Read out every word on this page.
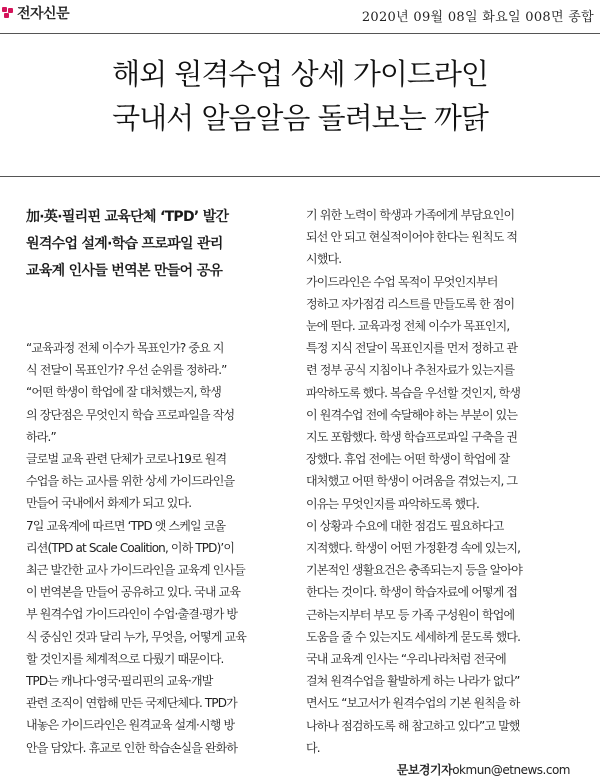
전자신문	2020년 09월 08일 화요일 008면 종합
해외 원격수업 상세 가이드라인
국내서 알음알음 돌려보는 까닭
加·英·필리핀 교육단체 ‘TPD’ 발간
원격수업 설계·학습 프로파일 관리
교육계 인사들 번역본 만들어 공유
“교육과정 전체 이수가 목표인가? 중요 지
식 전달이 목표인가? 우선 순위를 정하라.”
“어떤 학생이 학업에 잘 대처했는지, 학생
의 장단점은 무엇인지 학습 프로파일을 작성
하라.”
글로벌 교육 관련 단체가 코로나19로 원격
수업을 하는 교사를 위한 상세 가이드라인을
만들어 국내에서 화제가 되고 있다.
7일 교육계에 따르면 ‘TPD 앳 스케일 코올
리션(TPD at Scale Coalition, 이하 TPD)’이
최근 발간한 교사 가이드라인을 교육계 인사들
이 번역본을 만들어 공유하고 있다. 국내 교육
부 원격수업 가이드라인이 수업·출결·평가 방
식 중심인 것과 달리 누가, 무엇을, 어떻게 교육
할 것인지를 체계적으로 다뤘기 때문이다.
TPD는 캐나다·영국·필리핀의 교육·개발
관련 조직이 연합해 만든 국제단체다. TPD가
내놓은 가이드라인은 원격교육 설계·시행 방
안을 담았다. 휴교로 인한 학습손실을 완화하
기 위한 노력이 학생과 가족에게 부담요인이
되선 안 되고 현실적이어야 한다는 원칙도 적
시했다.
가이드라인은 수업 목적이 무엇인지부터
정하고 자가점검 리스트를 만들도록 한 점이
눈에 띈다. 교육과정 전체 이수가 목표인지,
특정 지식 전달이 목표인지를 먼저 정하고 관
련 정부 공식 지침이나 추천자료가 있는지를
파악하도록 했다. 복습을 우선할 것인지, 학생
이 원격수업 전에 숙달해야 하는 부분이 있는
지도 포함했다. 학생 학습프로파일 구축을 권
장했다. 휴업 전에는 어떤 학생이 학업에 잘
대처했고 어떤 학생이 어려움을 겪었는지, 그
이유는 무엇인지를 파악하도록 했다.
이 상황과 수요에 대한 점검도 필요하다고
지적했다. 학생이 어떤 가정환경 속에 있는지,
기본적인 생활요건은 충족되는지 등을 알아야
한다는 것이다. 학생이 학습자료에 어떻게 접
근하는지부터 부모 등 가족 구성원이 학업에
도움을 줄 수 있는지도 세세하게 묻도록 했다.
국내 교육계 인사는 “우리나라처럼 전국에
걸쳐 원격수업을 활발하게 하는 나라가 없다”
면서도 “보고서가 원격수업의 기본 원칙을 하
나하나 점검하도록 해 참고하고 있다”고 말했
다.
문보경기자okmun@etnews.com
